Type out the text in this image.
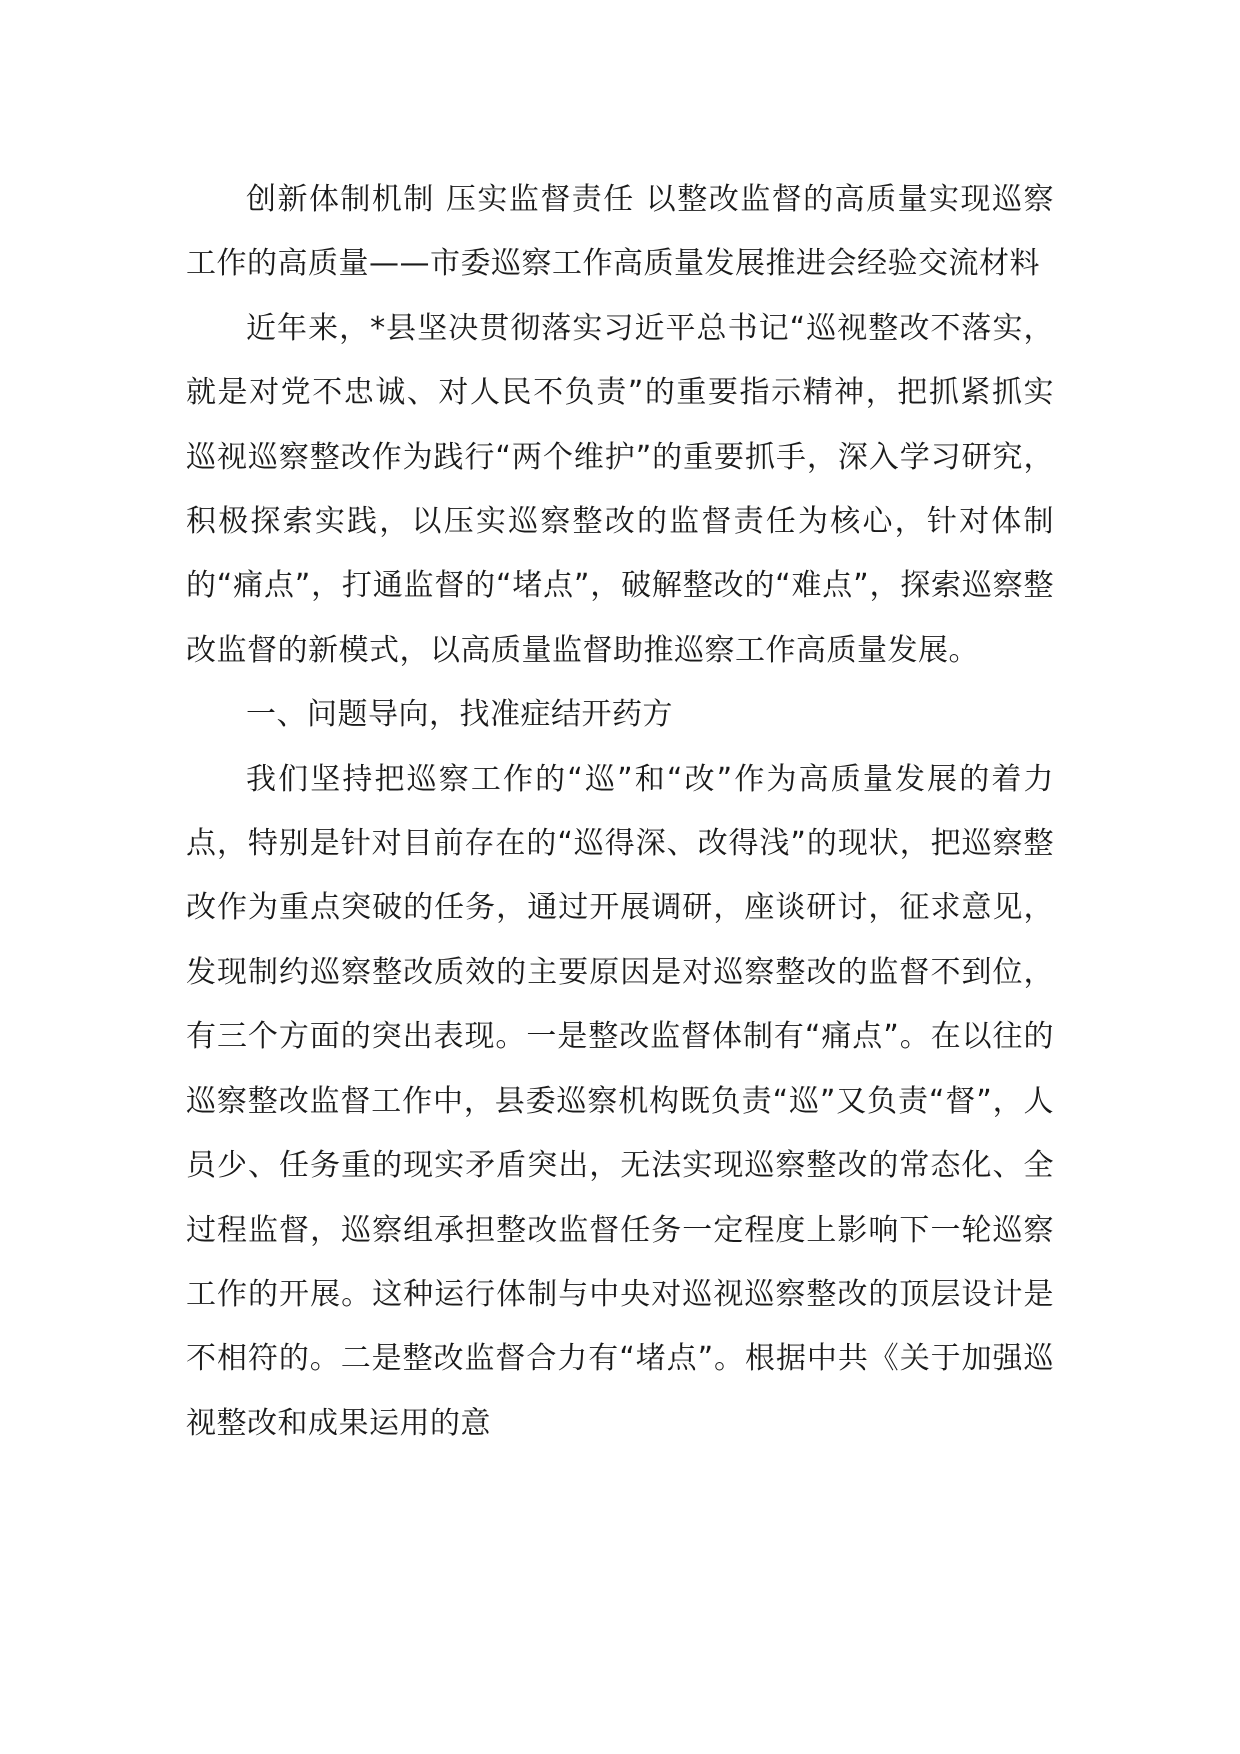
创新体制机制 压实监督责任 以整改监督的高质量实现巡察工作的高质量——市委巡察工作高质量发展推进会经验交流材料

近年来，*县坚决贯彻落实习近平总书记“巡视整改不落实，就是对党不忠诚、对人民不负责”的重要指示精神，把抓紧抓实巡视巡察整改作为践行“两个维护”的重要抓手，深入学习研究，积极探索实践，以压实巡察整改的监督责任为核心，针对体制的“痛点”，打通监督的“堵点”，破解整改的“难点”，探索巡察整改监督的新模式，以高质量监督助推巡察工作高质量发展。

一、问题导向，找准症结开药方

我们坚持把巡察工作的“巡”和“改”作为高质量发展的着力点，特别是针对目前存在的“巡得深、改得浅”的现状，把巡察整改作为重点突破的任务，通过开展调研，座谈研讨，征求意见，发现制约巡察整改质效的主要原因是对巡察整改的监督不到位，有三个方面的突出表现。一是整改监督体制有“痛点”。在以往的巡察整改监督工作中，县委巡察机构既负责“巡”又负责“督”，人员少、任务重的现实矛盾突出，无法实现巡察整改的常态化、全过程监督，巡察组承担整改监督任务一定程度上影响下一轮巡察工作的开展。这种运行体制与中央对巡视巡察整改的顶层设计是不相符的。二是整改监督合力有“堵点”。根据中共《关于加强巡视整改和成果运用的意
